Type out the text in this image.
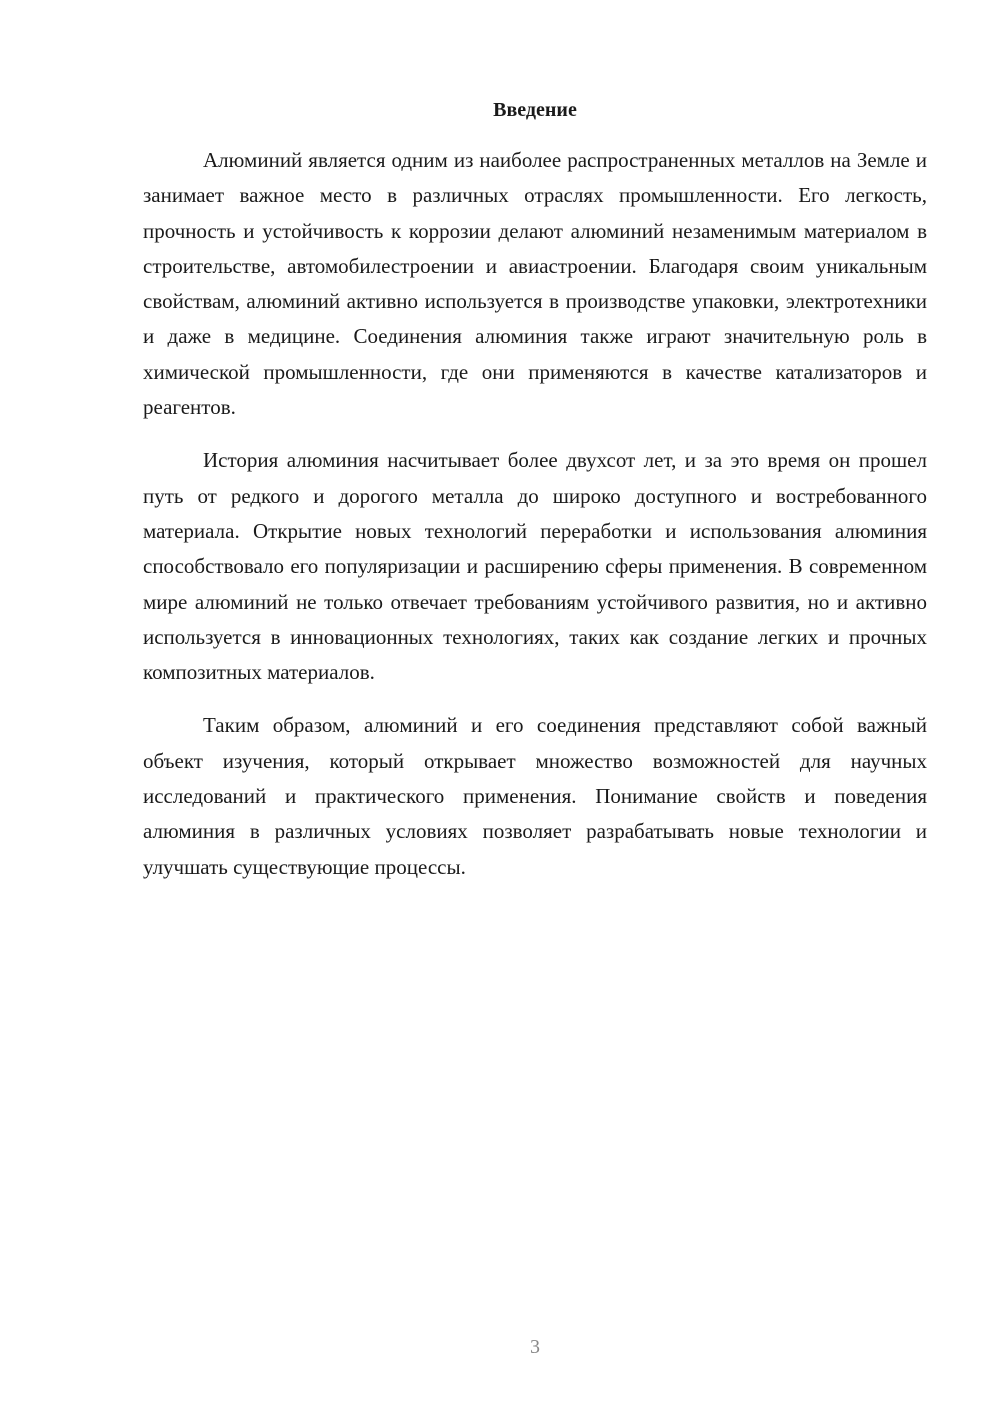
Введение

Алюминий является одним из наиболее распространенных металлов на Земле и занимает важное место в различных отраслях промышленности. Его легкость, прочность и устойчивость к коррозии делают алюминий незаменимым материалом в строительстве, автомобилестроении и авиастроении. Благодаря своим уникальным свойствам, алюминий активно используется в производстве упаковки, электротехники и даже в медицине. Соединения алюминия также играют значительную роль в химической промышленности, где они применяются в качестве катализаторов и реагентов.

История алюминия насчитывает более двухсот лет, и за это время он прошел путь от редкого и дорогого металла до широко доступного и востребованного материала. Открытие новых технологий переработки и использования алюминия способствовало его популяризации и расширению сферы применения. В современном мире алюминий не только отвечает требованиям устойчивого развития, но и активно используется в инновационных технологиях, таких как создание легких и прочных композитных материалов.

Таким образом, алюминий и его соединения представляют собой важный объект изучения, который открывает множество возможностей для научных исследований и практического применения. Понимание свойств и поведения алюминия в различных условиях позволяет разрабатывать новые технологии и улучшать существующие процессы.

3
